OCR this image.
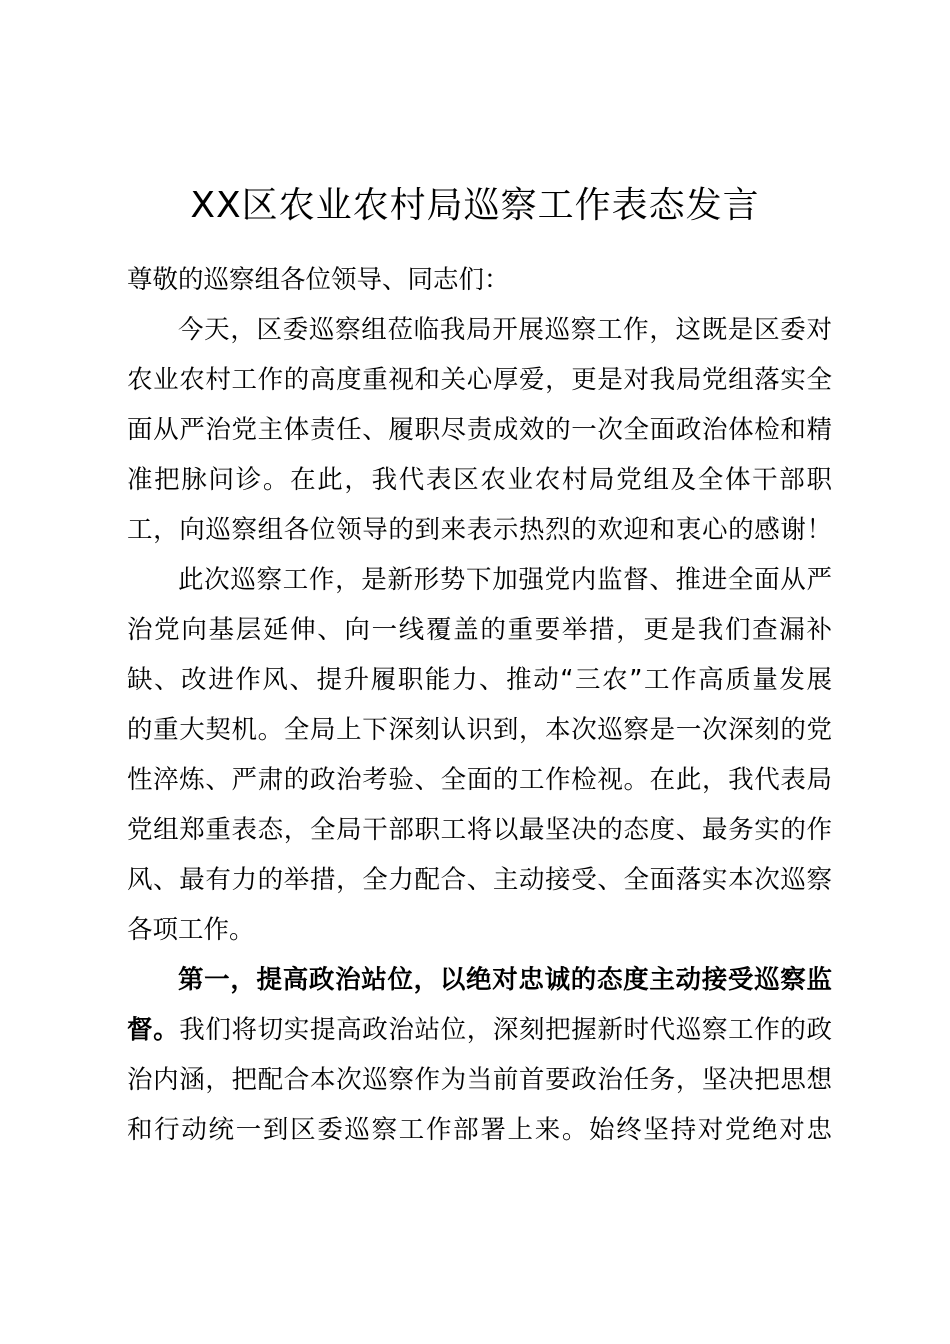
XX区农业农村局巡察工作表态发言
尊敬的巡察组各位领导、同志们：
今天，区委巡察组莅临我局开展巡察工作，这既是区委对
农业农村工作的高度重视和关心厚爱，更是对我局党组落实全
面从严治党主体责任、履职尽责成效的一次全面政治体检和精
准把脉问诊。在此，我代表区农业农村局党组及全体干部职
工，向巡察组各位领导的到来表示热烈的欢迎和衷心的感谢！
此次巡察工作，是新形势下加强党内监督、推进全面从严
治党向基层延伸、向一线覆盖的重要举措，更是我们查漏补
缺、改进作风、提升履职能力、推动“三农”工作高质量发展
的重大契机。全局上下深刻认识到，本次巡察是一次深刻的党
性淬炼、严肃的政治考验、全面的工作检视。在此，我代表局
党组郑重表态，全局干部职工将以最坚决的态度、最务实的作
风、最有力的举措，全力配合、主动接受、全面落实本次巡察
各项工作。
第一，提高政治站位，以绝对忠诚的态度主动接受巡察监
督。我们将切实提高政治站位，深刻把握新时代巡察工作的政
治内涵，把配合本次巡察作为当前首要政治任务，坚决把思想
和行动统一到区委巡察工作部署上来。始终坚持对党绝对忠
